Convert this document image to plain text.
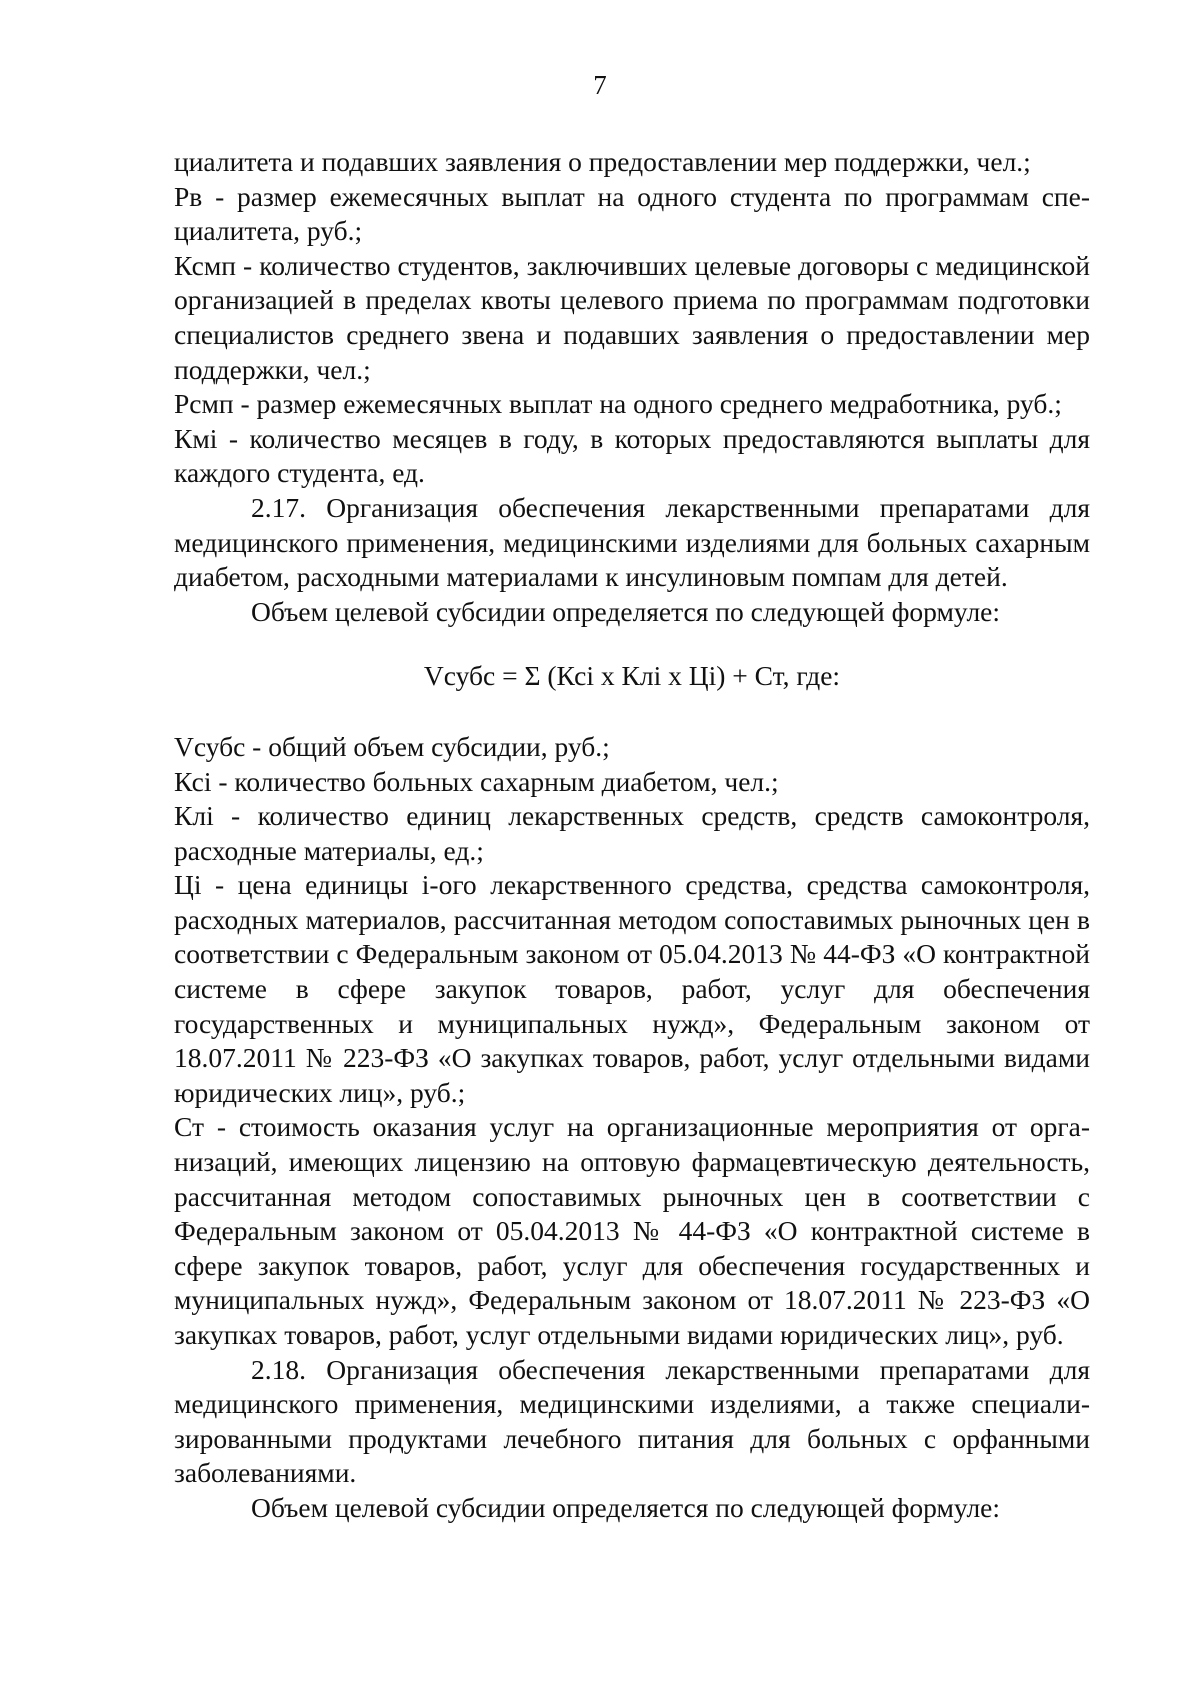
7

циалитета и подавших заявления о предоставлении мер поддержки, чел.;

Рв - размер ежемесячных выплат на одного студента по программам специалитета, руб.;

Ксмп - количество студентов, заключивших целевые договоры с медицинской организацией в пределах квоты целевого приема по программам подготовки специалистов среднего звена и подавших заявления о предоставлении мер поддержки, чел.;

Рсмп - размер ежемесячных выплат на одного среднего медработника, руб.;

Кмi - количество месяцев в году, в которых предоставляются выплаты для каждого студента, ед.

2.17. Организация обеспечения лекарственными препаратами для медицинского применения, медицинскими изделиями для больных сахарным диабетом, расходными материалами к инсулиновым помпам для детей.

Объем целевой субсидии определяется по следующей формуле:

Vсубс = Σ (Ксi x Клi x Цi) + Ст, где:

Vсубс - общий объем субсидии, руб.;

Ксi - количество больных сахарным диабетом, чел.;

Клi - количество единиц лекарственных средств, средств самоконтроля, расходные материалы, ед.;

Цi - цена единицы i-ого лекарственного средства, средства самоконтроля, расходных материалов, рассчитанная методом сопоставимых рыночных цен в соответствии с Федеральным законом от 05.04.2013 № 44-ФЗ «О контрактной системе в сфере закупок товаров, работ, услуг для обеспечения государственных и муниципальных нужд», Федеральным законом от 18.07.2011 № 223-ФЗ «О закупках товаров, работ, услуг отдельными видами юридических лиц», руб.;

Ст - стоимость оказания услуг на организационные мероприятия от организаций, имеющих лицензию на оптовую фармацевтическую деятельность, рассчитанная методом сопоставимых рыночных цен в соответствии с Федеральным законом от 05.04.2013 № 44-ФЗ «О контрактной системе в сфере закупок товаров, работ, услуг для обеспечения государственных и муниципальных нужд», Федеральным законом от 18.07.2011 № 223-ФЗ «О закупках товаров, работ, услуг отдельными видами юридических лиц», руб.

2.18. Организация обеспечения лекарственными препаратами для медицинского применения, медицинскими изделиями, а также специализированными продуктами лечебного питания для больных с орфанными заболеваниями.

Объем целевой субсидии определяется по следующей формуле:
